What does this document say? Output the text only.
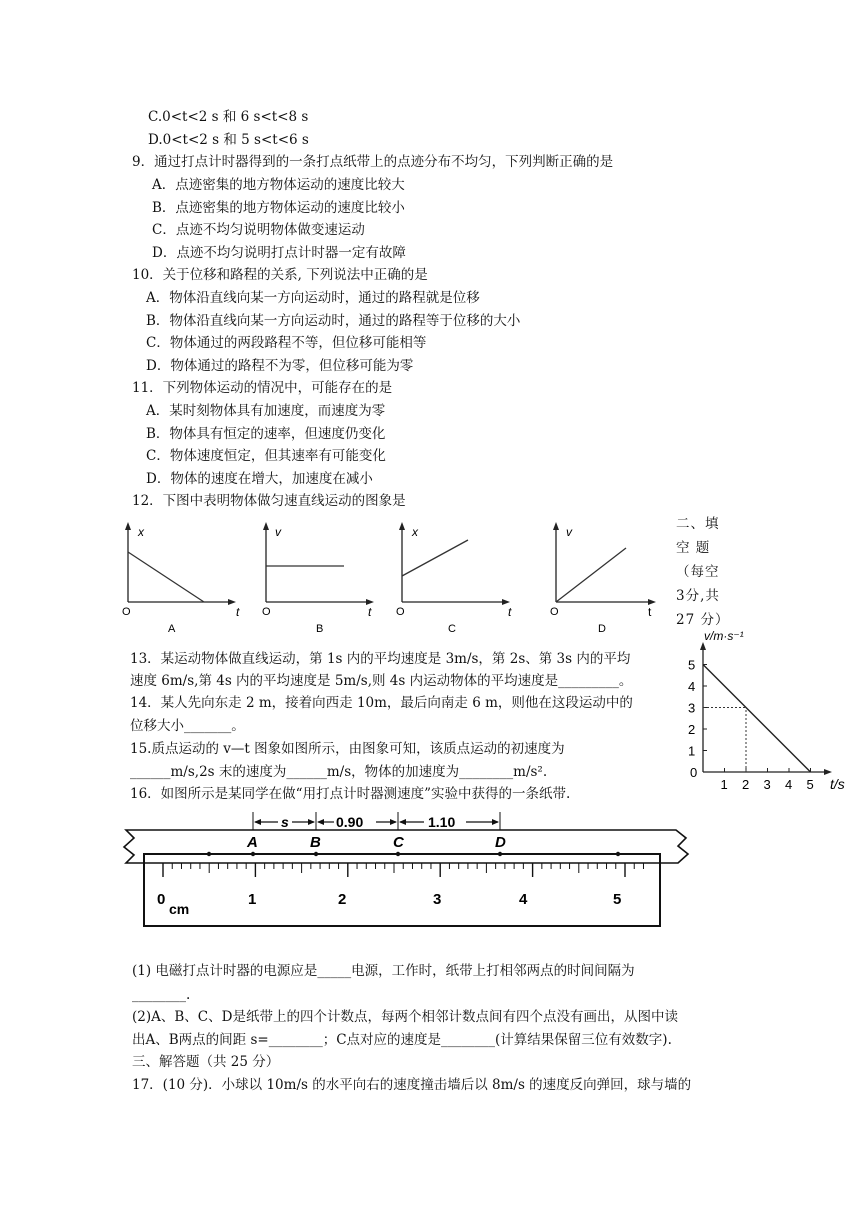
C.0<t<2 s 和 6 s<t<8 s
D.0<t<2 s 和 5 s<t<6 s
9．通过打点计时器得到的一条打点纸带上的点迹分布不均匀，下列判断正确的是
A．点迹密集的地方物体运动的速度比较大
B．点迹密集的地方物体运动的速度比较小
C．点迹不均匀说明物体做变速运动
D．点迹不均匀说明打点计时器一定有故障
10．关于位移和路程的关系, 下列说法中正确的是
A．物体沿直线向某一方向运动时，通过的路程就是位移
B．物体沿直线向某一方向运动时，通过的路程等于位移的大小
C．物体通过的两段路程不等，但位移可能相等
D．物体通过的路程不为零，但位移可能为零
11．下列物体运动的情况中，可能存在的是
A．某时刻物体具有加速度，而速度为零
B．物体具有恒定的速率，但速度仍变化
C．物体速度恒定，但其速率有可能变化
D．物体的速度在增大，加速度在减小
12．下图中表明物体做匀速直线运动的图象是
x
t
O
A
v
t
O
B
x
t
O
C
v
t
O
D
二、填
空 题
（每空
3分,共
27 分）
v/m·s⁻¹
t/s
0
1 2 3 4 5
1
2
3
4
5
13．某运动物体做直线运动，第 1s 内的平均速度是 3m/s，第 2s、第 3s 内的平均
速度 6m/s,第 4s 内的平均速度是 5m/s,则 4s 内运动物体的平均速度是_________。
14．某人先向东走 2 m，接着向西走 10m，最后向南走 6 m，则他在这段运动中的
位移大小_______。
15.质点运动的 v—t 图象如图所示，由图象可知，该质点运动的初速度为
______m/s,2s 末的速度为______m/s，物体的加速度为________m/s².
16．如图所示是某同学在做“用打点计时器测速度”实验中获得的一条纸带.
s	0.90	1.10
A	B	C	D
0
cm
1	2	3	4	5
(1) 电磁打点计时器的电源应是_____电源，工作时，纸带上打相邻两点的时间间隔为
________.
(2)A、B、C、D是纸带上的四个计数点，每两个相邻计数点间有四个点没有画出，从图中读
出A、B两点的间距 s=________；C点对应的速度是________(计算结果保留三位有效数字).
三、解答题（共 25 分）
17．(10 分)．小球以 10m/s 的水平向右的速度撞击墙后以 8m/s 的速度反向弹回，球与墙的
